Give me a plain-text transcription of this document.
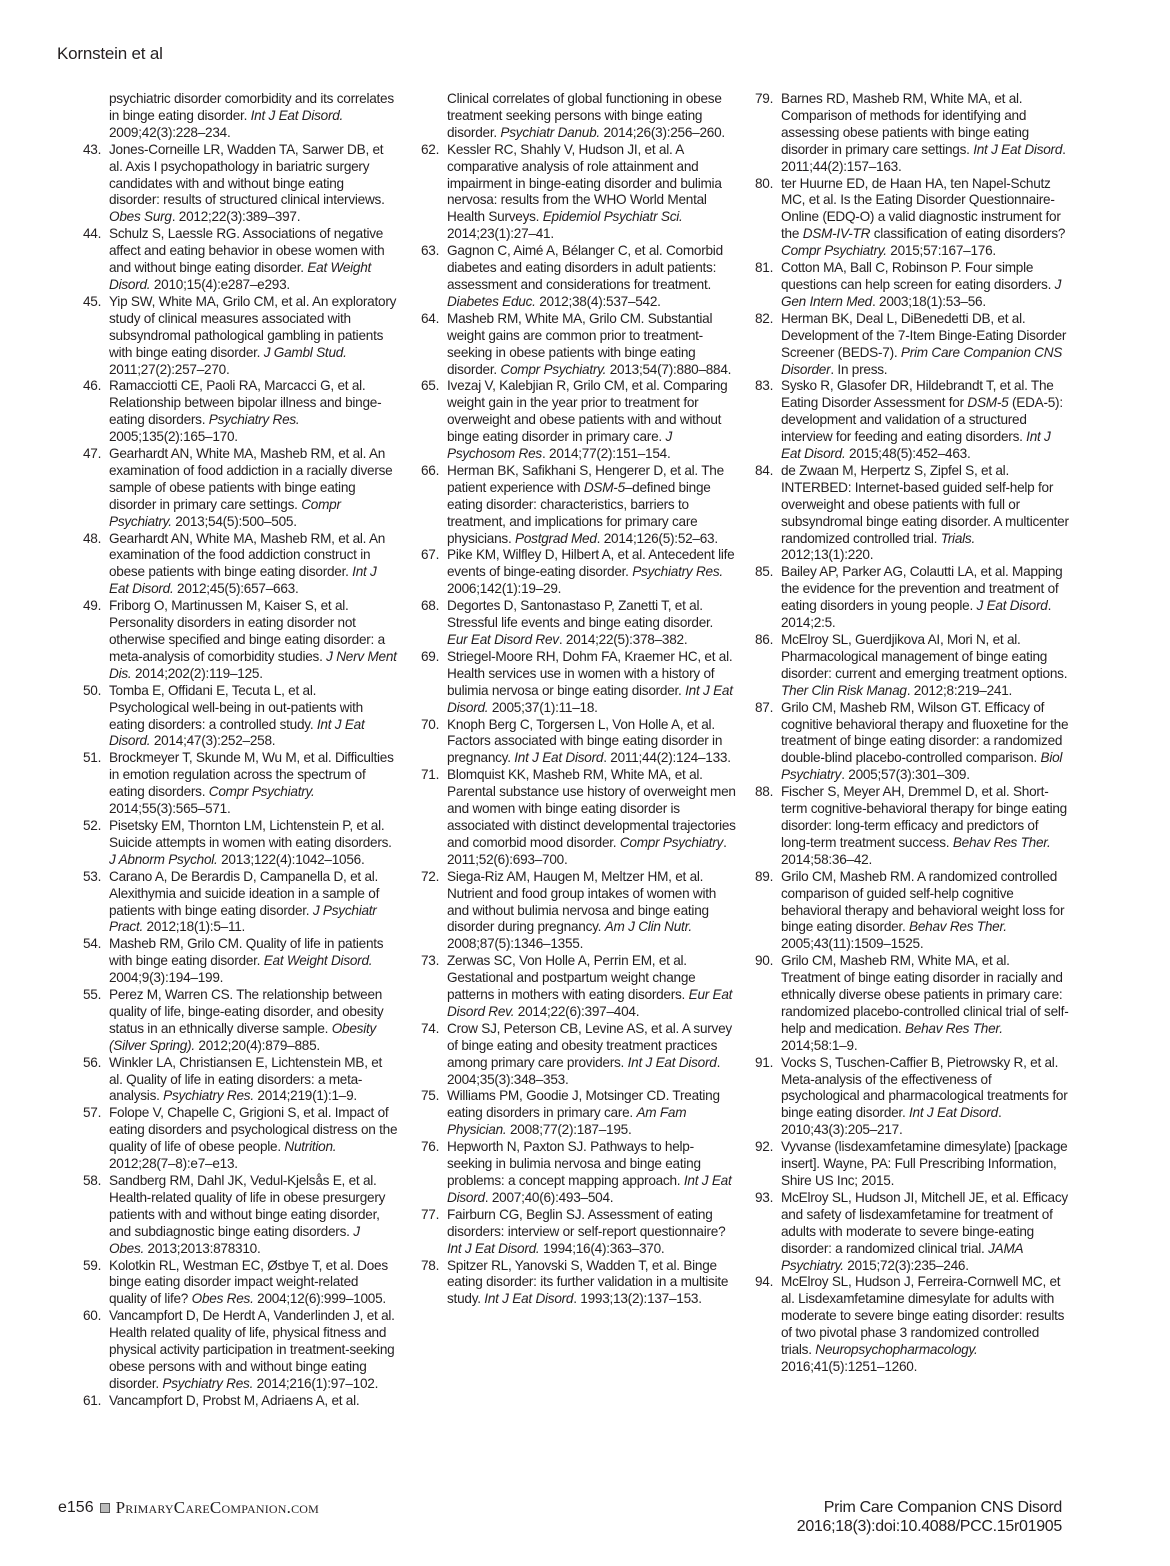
Kornstein et al
psychiatric disorder comorbidity and its correlates in binge eating disorder. Int J Eat Disord. 2009;42(3):228–234.
43. Jones-Corneille LR, Wadden TA, Sarwer DB, et al. Axis I psychopathology in bariatric surgery candidates with and without binge eating disorder: results of structured clinical interviews. Obes Surg. 2012;22(3):389–397.
44. Schulz S, Laessle RG. Associations of negative affect and eating behavior in obese women with and without binge eating disorder. Eat Weight Disord. 2010;15(4):e287–e293.
45. Yip SW, White MA, Grilo CM, et al. An exploratory study of clinical measures associated with subsyndromal pathological gambling in patients with binge eating disorder. J Gambl Stud. 2011;27(2):257–270.
46. Ramacciotti CE, Paoli RA, Marcacci G, et al. Relationship between bipolar illness and binge-eating disorders. Psychiatry Res. 2005;135(2):165–170.
47. Gearhardt AN, White MA, Masheb RM, et al. An examination of food addiction in a racially diverse sample of obese patients with binge eating disorder in primary care settings. Compr Psychiatry. 2013;54(5):500–505.
48. Gearhardt AN, White MA, Masheb RM, et al. An examination of the food addiction construct in obese patients with binge eating disorder. Int J Eat Disord. 2012;45(5):657–663.
49. Friborg O, Martinussen M, Kaiser S, et al. Personality disorders in eating disorder not otherwise specified and binge eating disorder: a meta-analysis of comorbidity studies. J Nerv Ment Dis. 2014;202(2):119–125.
50. Tomba E, Offidani E, Tecuta L, et al. Psychological well-being in out-patients with eating disorders: a controlled study. Int J Eat Disord. 2014;47(3):252–258.
51. Brockmeyer T, Skunde M, Wu M, et al. Difficulties in emotion regulation across the spectrum of eating disorders. Compr Psychiatry. 2014;55(3):565–571.
52. Pisetsky EM, Thornton LM, Lichtenstein P, et al. Suicide attempts in women with eating disorders. J Abnorm Psychol. 2013;122(4):1042–1056.
53. Carano A, De Berardis D, Campanella D, et al. Alexithymia and suicide ideation in a sample of patients with binge eating disorder. J Psychiatr Pract. 2012;18(1):5–11.
54. Masheb RM, Grilo CM. Quality of life in patients with binge eating disorder. Eat Weight Disord. 2004;9(3):194–199.
55. Perez M, Warren CS. The relationship between quality of life, binge-eating disorder, and obesity status in an ethnically diverse sample. Obesity (Silver Spring). 2012;20(4):879–885.
56. Winkler LA, Christiansen E, Lichtenstein MB, et al. Quality of life in eating disorders: a meta-analysis. Psychiatry Res. 2014;219(1):1–9.
57. Folope V, Chapelle C, Grigioni S, et al. Impact of eating disorders and psychological distress on the quality of life of obese people. Nutrition. 2012;28(7–8):e7–e13.
58. Sandberg RM, Dahl JK, Vedul-Kjelsås E, et al. Health-related quality of life in obese presurgery patients with and without binge eating disorder, and subdiagnostic binge eating disorders. J Obes. 2013;2013:878310.
59. Kolotkin RL, Westman EC, Østbye T, et al. Does binge eating disorder impact weight-related quality of life? Obes Res. 2004;12(6):999–1005.
60. Vancampfort D, De Herdt A, Vanderlinden J, et al. Health related quality of life, physical fitness and physical activity participation in treatment-seeking obese persons with and without binge eating disorder. Psychiatry Res. 2014;216(1):97–102.
61. Vancampfort D, Probst M, Adriaens A, et al.
Clinical correlates of global functioning in obese treatment seeking persons with binge eating disorder. Psychiatr Danub. 2014;26(3):256–260.
62. Kessler RC, Shahly V, Hudson JI, et al. A comparative analysis of role attainment and impairment in binge-eating disorder and bulimia nervosa: results from the WHO World Mental Health Surveys. Epidemiol Psychiatr Sci. 2014;23(1):27–41.
63. Gagnon C, Aimé A, Bélanger C, et al. Comorbid diabetes and eating disorders in adult patients: assessment and considerations for treatment. Diabetes Educ. 2012;38(4):537–542.
64. Masheb RM, White MA, Grilo CM. Substantial weight gains are common prior to treatment-seeking in obese patients with binge eating disorder. Compr Psychiatry. 2013;54(7):880–884.
65. Ivezaj V, Kalebjian R, Grilo CM, et al. Comparing weight gain in the year prior to treatment for overweight and obese patients with and without binge eating disorder in primary care. J Psychosom Res. 2014;77(2):151–154.
66. Herman BK, Safikhani S, Hengerer D, et al. The patient experience with DSM-5–defined binge eating disorder: characteristics, barriers to treatment, and implications for primary care physicians. Postgrad Med. 2014;126(5):52–63.
67. Pike KM, Wilfley D, Hilbert A, et al. Antecedent life events of binge-eating disorder. Psychiatry Res. 2006;142(1):19–29.
68. Degortes D, Santonastaso P, Zanetti T, et al. Stressful life events and binge eating disorder. Eur Eat Disord Rev. 2014;22(5):378–382.
69. Striegel-Moore RH, Dohm FA, Kraemer HC, et al. Health services use in women with a history of bulimia nervosa or binge eating disorder. Int J Eat Disord. 2005;37(1):11–18.
70. Knoph Berg C, Torgersen L, Von Holle A, et al. Factors associated with binge eating disorder in pregnancy. Int J Eat Disord. 2011;44(2):124–133.
71. Blomquist KK, Masheb RM, White MA, et al. Parental substance use history of overweight men and women with binge eating disorder is associated with distinct developmental trajectories and comorbid mood disorder. Compr Psychiatry. 2011;52(6):693–700.
72. Siega-Riz AM, Haugen M, Meltzer HM, et al. Nutrient and food group intakes of women with and without bulimia nervosa and binge eating disorder during pregnancy. Am J Clin Nutr. 2008;87(5):1346–1355.
73. Zerwas SC, Von Holle A, Perrin EM, et al. Gestational and postpartum weight change patterns in mothers with eating disorders. Eur Eat Disord Rev. 2014;22(6):397–404.
74. Crow SJ, Peterson CB, Levine AS, et al. A survey of binge eating and obesity treatment practices among primary care providers. Int J Eat Disord. 2004;35(3):348–353.
75. Williams PM, Goodie J, Motsinger CD. Treating eating disorders in primary care. Am Fam Physician. 2008;77(2):187–195.
76. Hepworth N, Paxton SJ. Pathways to help-seeking in bulimia nervosa and binge eating problems: a concept mapping approach. Int J Eat Disord. 2007;40(6):493–504.
77. Fairburn CG, Beglin SJ. Assessment of eating disorders: interview or self-report questionnaire? Int J Eat Disord. 1994;16(4):363–370.
78. Spitzer RL, Yanovski S, Wadden T, et al. Binge eating disorder: its further validation in a multisite study. Int J Eat Disord. 1993;13(2):137–153.
79. Barnes RD, Masheb RM, White MA, et al. Comparison of methods for identifying and assessing obese patients with binge eating disorder in primary care settings. Int J Eat Disord. 2011;44(2):157–163.
80. ter Huurne ED, de Haan HA, ten Napel-Schutz MC, et al. Is the Eating Disorder Questionnaire-Online (EDQ-O) a valid diagnostic instrument for the DSM-IV-TR classification of eating disorders? Compr Psychiatry. 2015;57:167–176.
81. Cotton MA, Ball C, Robinson P. Four simple questions can help screen for eating disorders. J Gen Intern Med. 2003;18(1):53–56.
82. Herman BK, Deal L, DiBenedetti DB, et al. Development of the 7-Item Binge-Eating Disorder Screener (BEDS-7). Prim Care Companion CNS Disorder. In press.
83. Sysko R, Glasofer DR, Hildebrandt T, et al. The Eating Disorder Assessment for DSM-5 (EDA-5): development and validation of a structured interview for feeding and eating disorders. Int J Eat Disord. 2015;48(5):452–463.
84. de Zwaan M, Herpertz S, Zipfel S, et al. INTERBED: Internet-based guided self-help for overweight and obese patients with full or subsyndromal binge eating disorder. A multicenter randomized controlled trial. Trials. 2012;13(1):220.
85. Bailey AP, Parker AG, Colautti LA, et al. Mapping the evidence for the prevention and treatment of eating disorders in young people. J Eat Disord. 2014;2:5.
86. McElroy SL, Guerdjikova AI, Mori N, et al. Pharmacological management of binge eating disorder: current and emerging treatment options. Ther Clin Risk Manag. 2012;8:219–241.
87. Grilo CM, Masheb RM, Wilson GT. Efficacy of cognitive behavioral therapy and fluoxetine for the treatment of binge eating disorder: a randomized double-blind placebo-controlled comparison. Biol Psychiatry. 2005;57(3):301–309.
88. Fischer S, Meyer AH, Dremmel D, et al. Short-term cognitive-behavioral therapy for binge eating disorder: long-term efficacy and predictors of long-term treatment success. Behav Res Ther. 2014;58:36–42.
89. Grilo CM, Masheb RM. A randomized controlled comparison of guided self-help cognitive behavioral therapy and behavioral weight loss for binge eating disorder. Behav Res Ther. 2005;43(11):1509–1525.
90. Grilo CM, Masheb RM, White MA, et al. Treatment of binge eating disorder in racially and ethnically diverse obese patients in primary care: randomized placebo-controlled clinical trial of self-help and medication. Behav Res Ther. 2014;58:1–9.
91. Vocks S, Tuschen-Caffier B, Pietrowsky R, et al. Meta-analysis of the effectiveness of psychological and pharmacological treatments for binge eating disorder. Int J Eat Disord. 2010;43(3):205–217.
92. Vyvanse (lisdexamfetamine dimesylate) [package insert]. Wayne, PA: Full Prescribing Information, Shire US Inc; 2015.
93. McElroy SL, Hudson JI, Mitchell JE, et al. Efficacy and safety of lisdexamfetamine for treatment of adults with moderate to severe binge-eating disorder: a randomized clinical trial. JAMA Psychiatry. 2015;72(3):235–246.
94. McElroy SL, Hudson J, Ferreira-Cornwell MC, et al. Lisdexamfetamine dimesylate for adults with moderate to severe binge eating disorder: results of two pivotal phase 3 randomized controlled trials. Neuropsychopharmacology. 2016;41(5):1251–1260.
e156 PrimaryCareCompanion.com	Prim Care Companion CNS Disord
2016;18(3):doi:10.4088/PCC.15r01905
